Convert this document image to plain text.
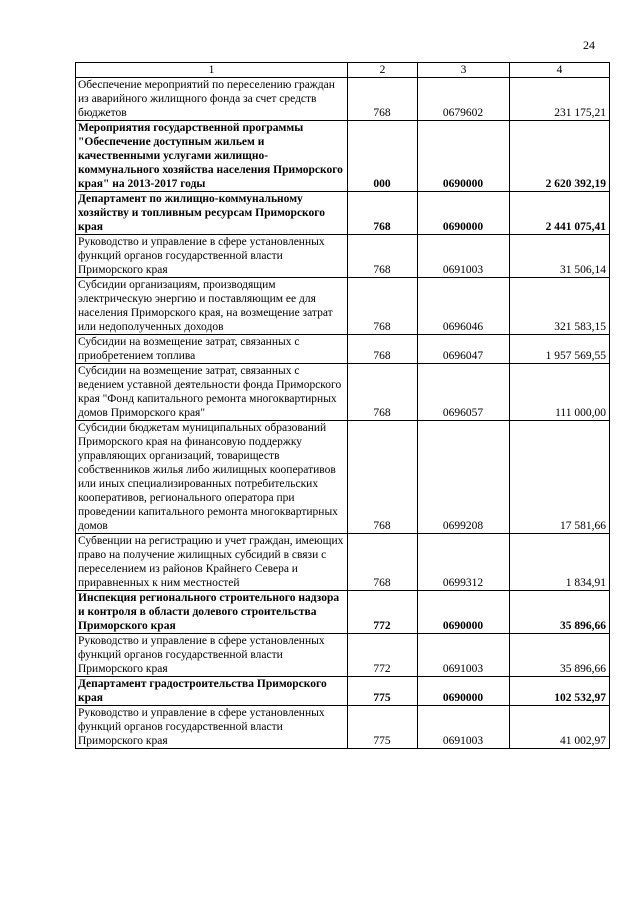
24
1	2	3	4
Обеспечение мероприятий по переселению граждан из аварийного жилищного фонда за счет средств бюджетов	768	0679602	231 175,21
Мероприятия государственной программы "Обеспечение доступным жильем и качественными услугами жилищно-коммунального хозяйства населения Приморского края" на 2013-2017 годы	000	0690000	2 620 392,19
Департамент по жилищно-коммунальному хозяйству и топливным ресурсам Приморского края	768	0690000	2 441 075,41
Руководство и управление в сфере установленных функций органов государственной власти Приморского края	768	0691003	31 506,14
Субсидии организациям, производящим электрическую энергию и поставляющим ее для населения Приморского края, на возмещение затрат или недополученных доходов	768	0696046	321 583,15
Субсидии на возмещение затрат, связанных с приобретением топлива	768	0696047	1 957 569,55
Субсидии на возмещение затрат, связанных с ведением уставной деятельности фонда Приморского края "Фонд капитального ремонта многоквартирных домов Приморского края"	768	0696057	111 000,00
Субсидии бюджетам муниципальных образований Приморского края на финансовую поддержку управляющих организаций, товариществ собственников жилья либо жилищных кооперативов или иных специализированных потребительских кооперативов, регионального оператора при проведении капитального ремонта многоквартирных домов	768	0699208	17 581,66
Субвенции на регистрацию и учет граждан, имеющих право на получение жилищных субсидий в связи с переселением из районов Крайнего Севера и приравненных к ним местностей	768	0699312	1 834,91
Инспекция регионального строительного надзора и контроля в области долевого строительства Приморского края	772	0690000	35 896,66
Руководство и управление в сфере установленных функций органов государственной власти Приморского края	772	0691003	35 896,66
Департамент градостроительства Приморского края	775	0690000	102 532,97
Руководство и управление в сфере установленных функций органов государственной власти Приморского края	775	0691003	41 002,97
